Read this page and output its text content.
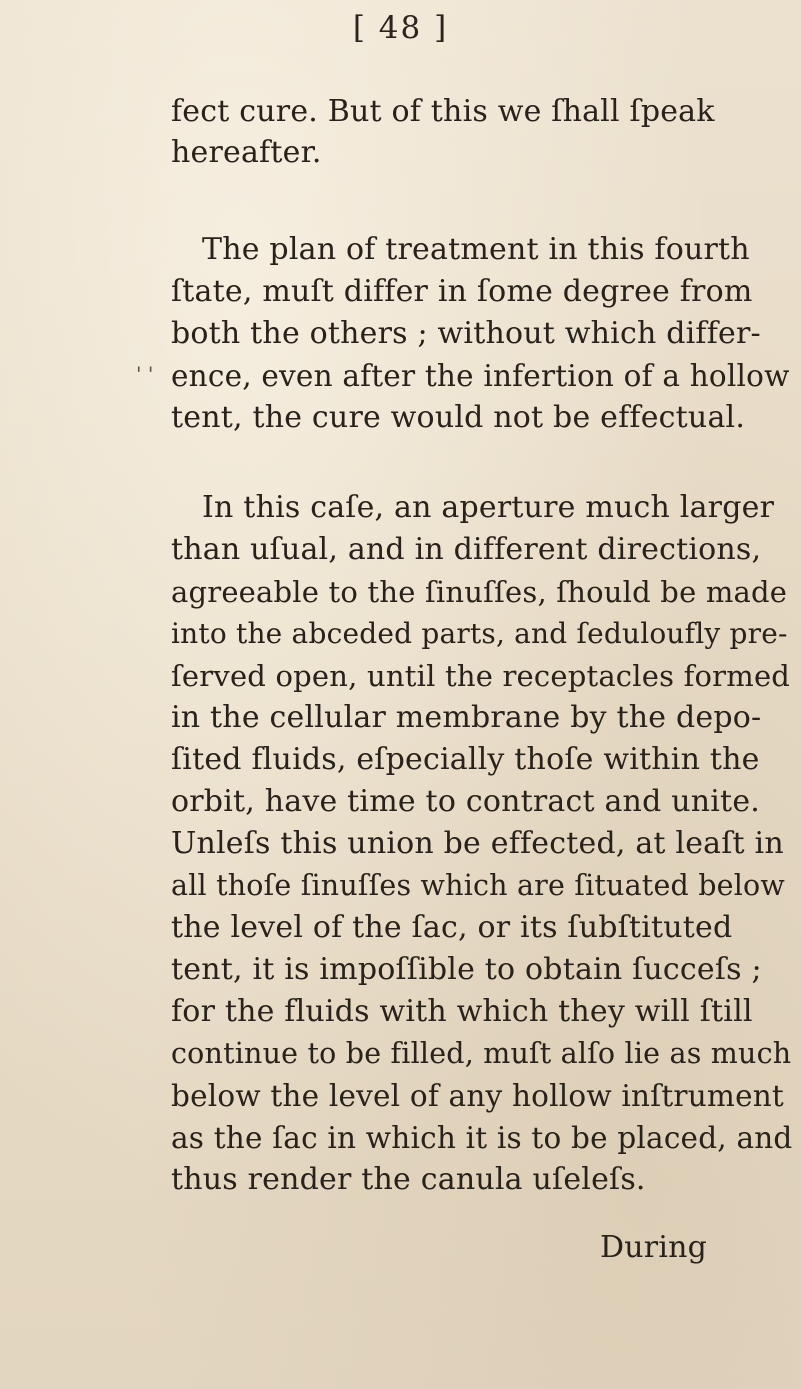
[ 48 ]
' '
fect cure. But of this we ſhall ſpeak
hereafter.
The plan of treatment in this fourth
ſtate, muſt differ in ſome degree from
both the others ; without which differ-
ence, even after the infertion of a hollow
tent, the cure would not be effectual.
In this caſe, an aperture much larger
than uſual, and in different directions,
agreeable to the ſinuſſes, ſhould be made
into the abceded parts, and ſeduloufly pre-
ſerved open, until the receptacles formed
in the cellular membrane by the depo-
ſited fluids, eſpecially thoſe within the
orbit, have time to contract and unite.
Unleſs this union be effected, at leaſt in
all thoſe ſinuſſes which are ſituated below
the level of the ſac, or its ſubſtituted
tent, it is impoſſible to obtain ſucceſs ;
for the fluids with which they will ſtill
continue to be filled, muſt alſo lie as much
below the level of any hollow inſtrument
as the ſac in which it is to be placed, and
thus render the canula uſeleſs.
During
